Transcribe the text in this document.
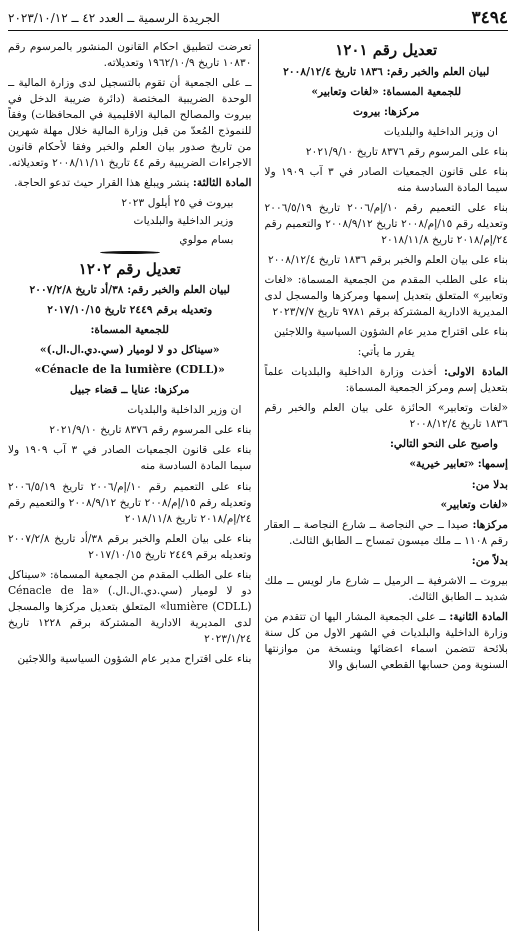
٣٤٩٤
الجريدة الرسمية ــ العدد ٤٢ ــ ٢٠٢٣/١٠/١٢
تعديل رقم ١٢٠١

لبيان العلم والخبر رقم: ١٨٣٦ تاريخ ٢٠٠٨/١٢/٤

للجمعية المسماة: «لغات وتعابير»

مركزها: بيروت

ان وزير الداخلية والبلديات

بناء على المرسوم رقم ٨٣٧٦ تاريخ ٢٠٢١/٩/١٠

بناء على قانون الجمعيات الصادر في ٣ آب ١٩٠٩ ولا سيما المادة السادسة منه

بناء على التعميم رقم ١٠/إم/٢٠٠٦ تاريخ ٢٠٠٦/٥/١٩ وتعديله رقم ١٥/إم/٢٠٠٨ تاريخ ٢٠٠٨/٩/١٢ والتعميم رقم ٢٤/إم/٢٠١٨ تاريخ ٢٠١٨/١١/٨

بناء على بيان العلم والخبر برقم ١٨٣٦ تاريخ ٢٠٠٨/١٢/٤

بناء على الطلب المقدم من الجمعية المسماة: «لغات وتعابير» المتعلق بتعديل إسمها ومركزها والمسجل لدى المديرية الادارية المشتركة برقم ٩٧٨١ تاريخ ٢٠٢٣/٧/٧

بناء على اقتراح مدير عام الشؤون السياسية واللاجئين

يقرر ما يأتي:

المادة الاولى: أخذت وزارة الداخلية والبلديات علماً بتعديل إسم ومركز الجمعية المسماة:

«لغات وتعابير» الحائزة على بيان العلم والخبر رقم ١٨٣٦ تاريخ ٢٠٠٨/١٢/٤

واصبح على النحو التالي:

إسمها: «تعابير خيرية»

بدلا من:

«لغات وتعابير»

مركزها: صيدا ــ حي النجاصة ــ شارع النجاصة ــ العقار رقم ١١٠٨ ــ ملك ميسون تمساح ــ الطابق الثالث.

بدلاً من:

بيروت ــ الاشرفية ــ الرميل ــ شارع مار لويس ــ ملك شديد ــ الطابق الثالث.

المادة الثانية: ــ على الجمعية المشار اليها ان تتقدم من وزارة الداخلية والبلديات في الشهر الاول من كل سنة بلائحة تتضمن اسماء اعضائها وبنسخة من موازنتها السنوية ومن حسابها القطعي السابق والا

تعرضت لتطبيق احكام القانون المنشور بالمرسوم رقم ١٠٨٣٠ تاريخ ١٩٦٢/١٠/٩ وتعديلاته.

ــ على الجمعية أن تقوم بالتسجيل لدى وزارة المالية ــ الوحدة الضريبية المختصة (دائرة ضريبة الدخل في بيروت والمصالح المالية الاقليمية في المحافظات) وفقاً للنموذج المُعدّ من قبل وزارة المالية خلال مهلة شهرين من تاريخ صدور بيان العلم والخبر وفقا لأحكام قانون الاجراءات الضريبية رقم ٤٤ تاريخ ٢٠٠٨/١١/١١ وتعديلاته.

المادة الثالثة: ينشر ويبلغ هذا القرار حيث تدعو الحاجة.

بيروت في ٢٥ أيلول ٢٠٢٣

وزير الداخلية والبلديات

بسام مولوي

تعديل رقم ١٢٠٢

لبيان العلم والخبر رقم: ٣٨/أد تاريخ ٢٠٠٧/٢/٨

وتعديله برقم ٢٤٤٩ تاريخ ٢٠١٧/١٠/١٥

للجمعية المسماة:

«سيناكل دو لا لوميار (سي.دي.ال.ال.)»

«Cénacle de la lumière (CDLL)»

مركزها: عنايا ــ قضاء جبيل

ان وزير الداخلية والبلديات

بناء على المرسوم رقم ٨٣٧٦ تاريخ ٢٠٢١/٩/١٠

بناء على قانون الجمعيات الصادر في ٣ آب ١٩٠٩ ولا سيما المادة السادسة منه

بناء على التعميم رقم ١٠/إم/٢٠٠٦ تاريخ ٢٠٠٦/٥/١٩ وتعديله رقم ١٥/إم/٢٠٠٨ تاريخ ٢٠٠٨/٩/١٢ والتعميم رقم ٢٤/إم/٢٠١٨ تاريخ ٢٠١٨/١١/٨

بناء على بيان العلم والخبر برقم ٣٨/أد تاريخ ٢٠٠٧/٢/٨ وتعديله برقم ٢٤٤٩ تاريخ ٢٠١٧/١٠/١٥

بناء على الطلب المقدم من الجمعية المسماة: «سيناكل دو لا لوميار (سي.دي.ال.ال.) «Cénacle de la lumière (CDLL)» المتعلق بتعديل مركزها والمسجل لدى المديرية الادارية المشتركة برقم ١٢٢٨ تاريخ ٢٠٢٣/١/٢٤

بناء على اقتراح مدير عام الشؤون السياسية واللاجئين
